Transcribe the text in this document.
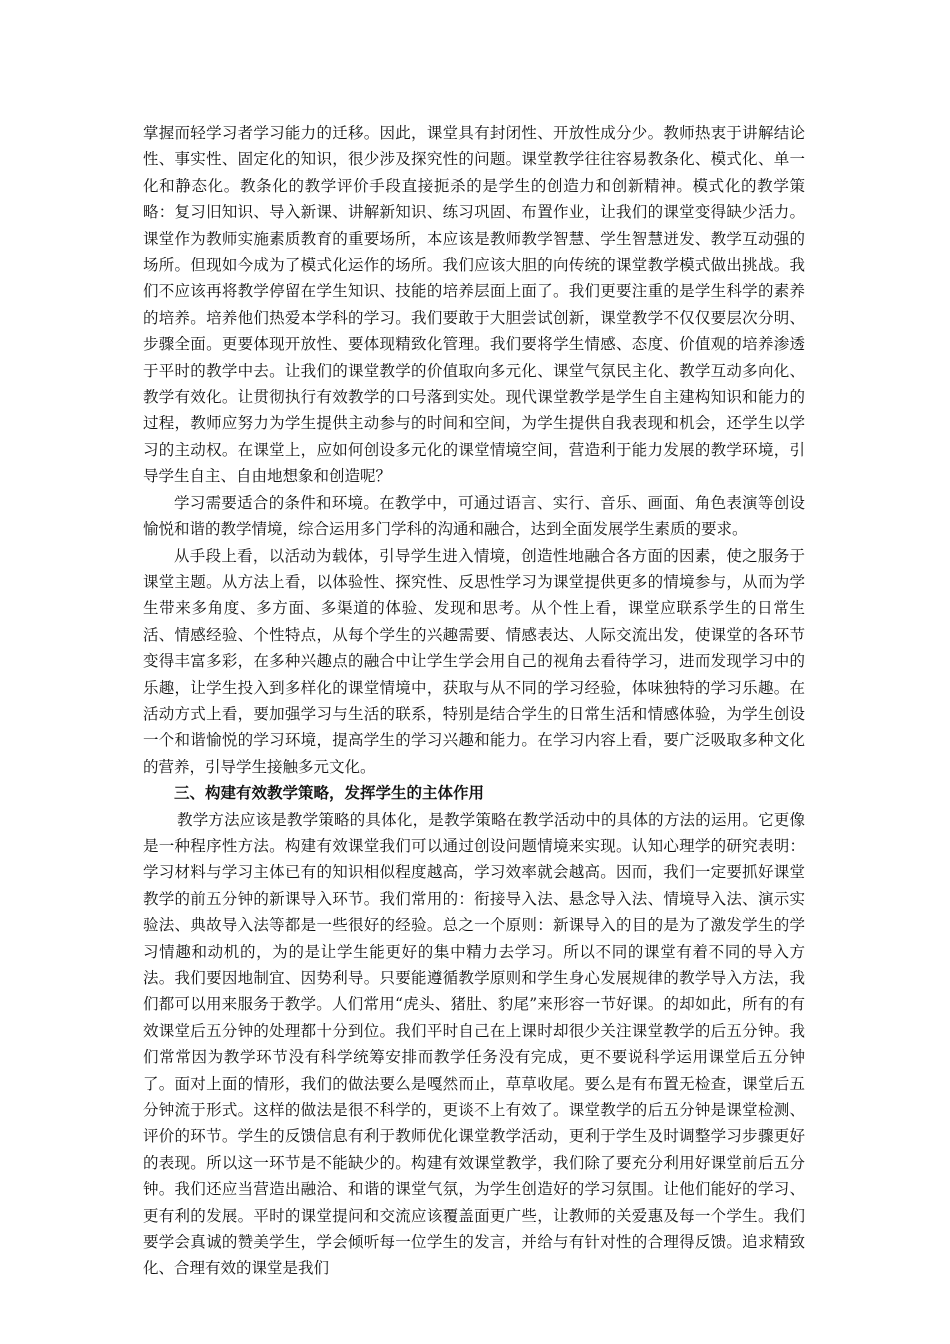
掌握而轻学习者学习能力的迁移。因此，课堂具有封闭性、开放性成分少。教师热衷于讲解结论性、事实性、固定化的知识，很少涉及探究性的问题。课堂教学往往容易教条化、模式化、单一化和静态化。教条化的教学评价手段直接扼杀的是学生的创造力和创新精神。模式化的教学策略：复习旧知识、导入新课、讲解新知识、练习巩固、布置作业，让我们的课堂变得缺少活力。课堂作为教师实施素质教育的重要场所，本应该是教师教学智慧、学生智慧迸发、教学互动强的场所。但现如今成为了模式化运作的场所。我们应该大胆的向传统的课堂教学模式做出挑战。我们不应该再将教学停留在学生知识、技能的培养层面上面了。我们更要注重的是学生科学的素养的培养。培养他们热爱本学科的学习。我们要敢于大胆尝试创新，课堂教学不仅仅要层次分明、步骤全面。更要体现开放性、要体现精致化管理。我们要将学生情感、态度、价值观的培养渗透于平时的教学中去。让我们的课堂教学的价值取向多元化、课堂气氛民主化、教学互动多向化、教学有效化。让贯彻执行有效教学的口号落到实处。现代课堂教学是学生自主建构知识和能力的过程，教师应努力为学生提供主动参与的时间和空间，为学生提供自我表现和机会，还学生以学习的主动权。在课堂上，应如何创设多元化的课堂情境空间，营造利于能力发展的教学环境，引导学生自主、自由地想象和创造呢？

学习需要适合的条件和环境。在教学中，可通过语言、实行、音乐、画面、角色表演等创设愉悦和谐的教学情境，综合运用多门学科的沟通和融合，达到全面发展学生素质的要求。

从手段上看，以活动为载体，引导学生进入情境，创造性地融合各方面的因素，使之服务于课堂主题。从方法上看，以体验性、探究性、反思性学习为课堂提供更多的情境参与，从而为学生带来多角度、多方面、多渠道的体验、发现和思考。从个性上看，课堂应联系学生的日常生活、情感经验、个性特点，从每个学生的兴趣需要、情感表达、人际交流出发，使课堂的各环节变得丰富多彩，在多种兴趣点的融合中让学生学会用自己的视角去看待学习，进而发现学习中的乐趣，让学生投入到多样化的课堂情境中，获取与从不同的学习经验，体味独特的学习乐趣。在活动方式上看，要加强学习与生活的联系，特别是结合学生的日常生活和情感体验，为学生创设一个和谐愉悦的学习环境，提高学生的学习兴趣和能力。在学习内容上看，要广泛吸取多种文化的营养，引导学生接触多元文化。

三、构建有效教学策略，发挥学生的主体作用

教学方法应该是教学策略的具体化，是教学策略在教学活动中的具体的方法的运用。它更像是一种程序性方法。构建有效课堂我们可以通过创设问题情境来实现。认知心理学的研究表明：学习材料与学习主体已有的知识相似程度越高，学习效率就会越高。因而，我们一定要抓好课堂教学的前五分钟的新课导入环节。我们常用的：衔接导入法、悬念导入法、情境导入法、演示实验法、典故导入法等都是一些很好的经验。总之一个原则：新课导入的目的是为了激发学生的学习情趣和动机的，为的是让学生能更好的集中精力去学习。所以不同的课堂有着不同的导入方法。我们要因地制宜、因势利导。只要能遵循教学原则和学生身心发展规律的教学导入方法，我们都可以用来服务于教学。人们常用“虎头、猪肚、豹尾”来形容一节好课。的却如此，所有的有效课堂后五分钟的处理都十分到位。我们平时自己在上课时却很少关注课堂教学的后五分钟。我们常常因为教学环节没有科学统筹安排而教学任务没有完成，更不要说科学运用课堂后五分钟了。面对上面的情形，我们的做法要么是嘎然而止，草草收尾。要么是有布置无检查，课堂后五分钟流于形式。这样的做法是很不科学的，更谈不上有效了。课堂教学的后五分钟是课堂检测、评价的环节。学生的反馈信息有利于教师优化课堂教学活动，更利于学生及时调整学习步骤更好的表现。所以这一环节是不能缺少的。构建有效课堂教学，我们除了要充分利用好课堂前后五分钟。我们还应当营造出融洽、和谐的课堂气氛，为学生创造好的学习氛围。让他们能好的学习、更有利的发展。平时的课堂提问和交流应该覆盖面更广些，让教师的关爱惠及每一个学生。我们要学会真诚的赞美学生，学会倾听每一位学生的发言，并给与有针对性的合理得反馈。追求精致化、合理有效的课堂是我们
